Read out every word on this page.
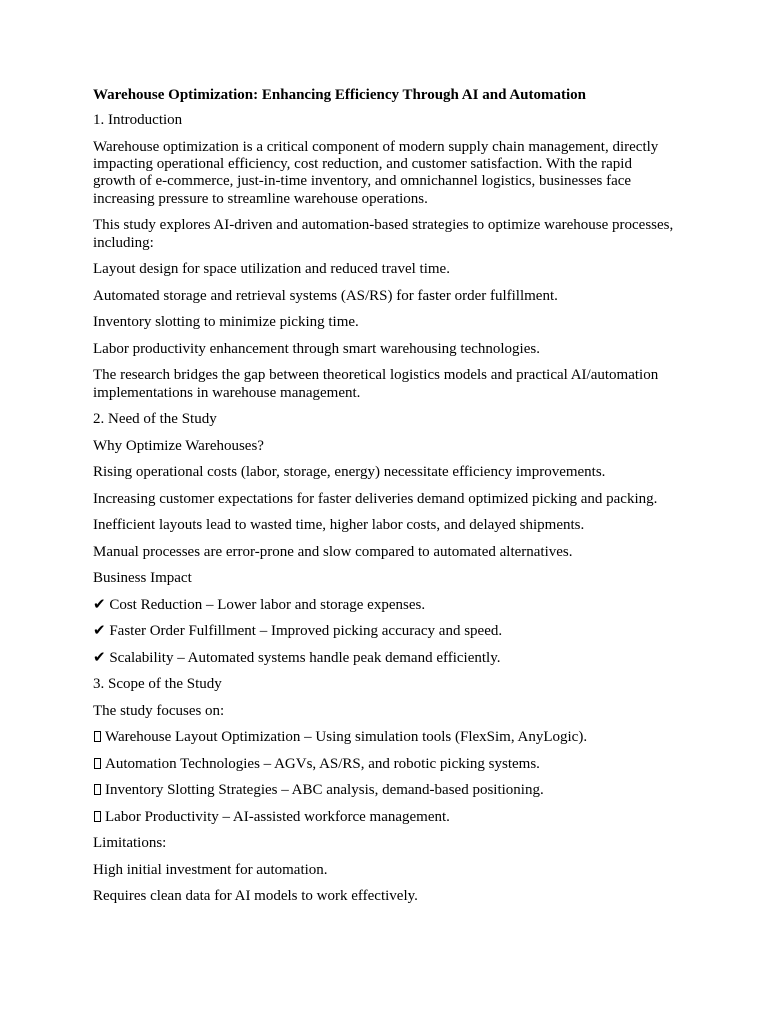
Warehouse Optimization: Enhancing Efficiency Through AI and Automation

1. Introduction

Warehouse optimization is a critical component of modern supply chain management, directly impacting operational efficiency, cost reduction, and customer satisfaction. With the rapid growth of e-commerce, just-in-time inventory, and omnichannel logistics, businesses face increasing pressure to streamline warehouse operations.

This study explores AI-driven and automation-based strategies to optimize warehouse processes, including:

Layout design for space utilization and reduced travel time.

Automated storage and retrieval systems (AS/RS) for faster order fulfillment.

Inventory slotting to minimize picking time.

Labor productivity enhancement through smart warehousing technologies.

The research bridges the gap between theoretical logistics models and practical AI/automation implementations in warehouse management.

2. Need of the Study

Why Optimize Warehouses?

Rising operational costs (labor, storage, energy) necessitate efficiency improvements.

Increasing customer expectations for faster deliveries demand optimized picking and packing.

Inefficient layouts lead to wasted time, higher labor costs, and delayed shipments.

Manual processes are error-prone and slow compared to automated alternatives.

Business Impact

✔ Cost Reduction – Lower labor and storage expenses.

✔ Faster Order Fulfillment – Improved picking accuracy and speed.

✔ Scalability – Automated systems handle peak demand efficiently.

3. Scope of the Study

The study focuses on:

Warehouse Layout Optimization – Using simulation tools (FlexSim, AnyLogic).

Automation Technologies – AGVs, AS/RS, and robotic picking systems.

Inventory Slotting Strategies – ABC analysis, demand-based positioning.

Labor Productivity – AI-assisted workforce management.

Limitations:

High initial investment for automation.

Requires clean data for AI models to work effectively.
